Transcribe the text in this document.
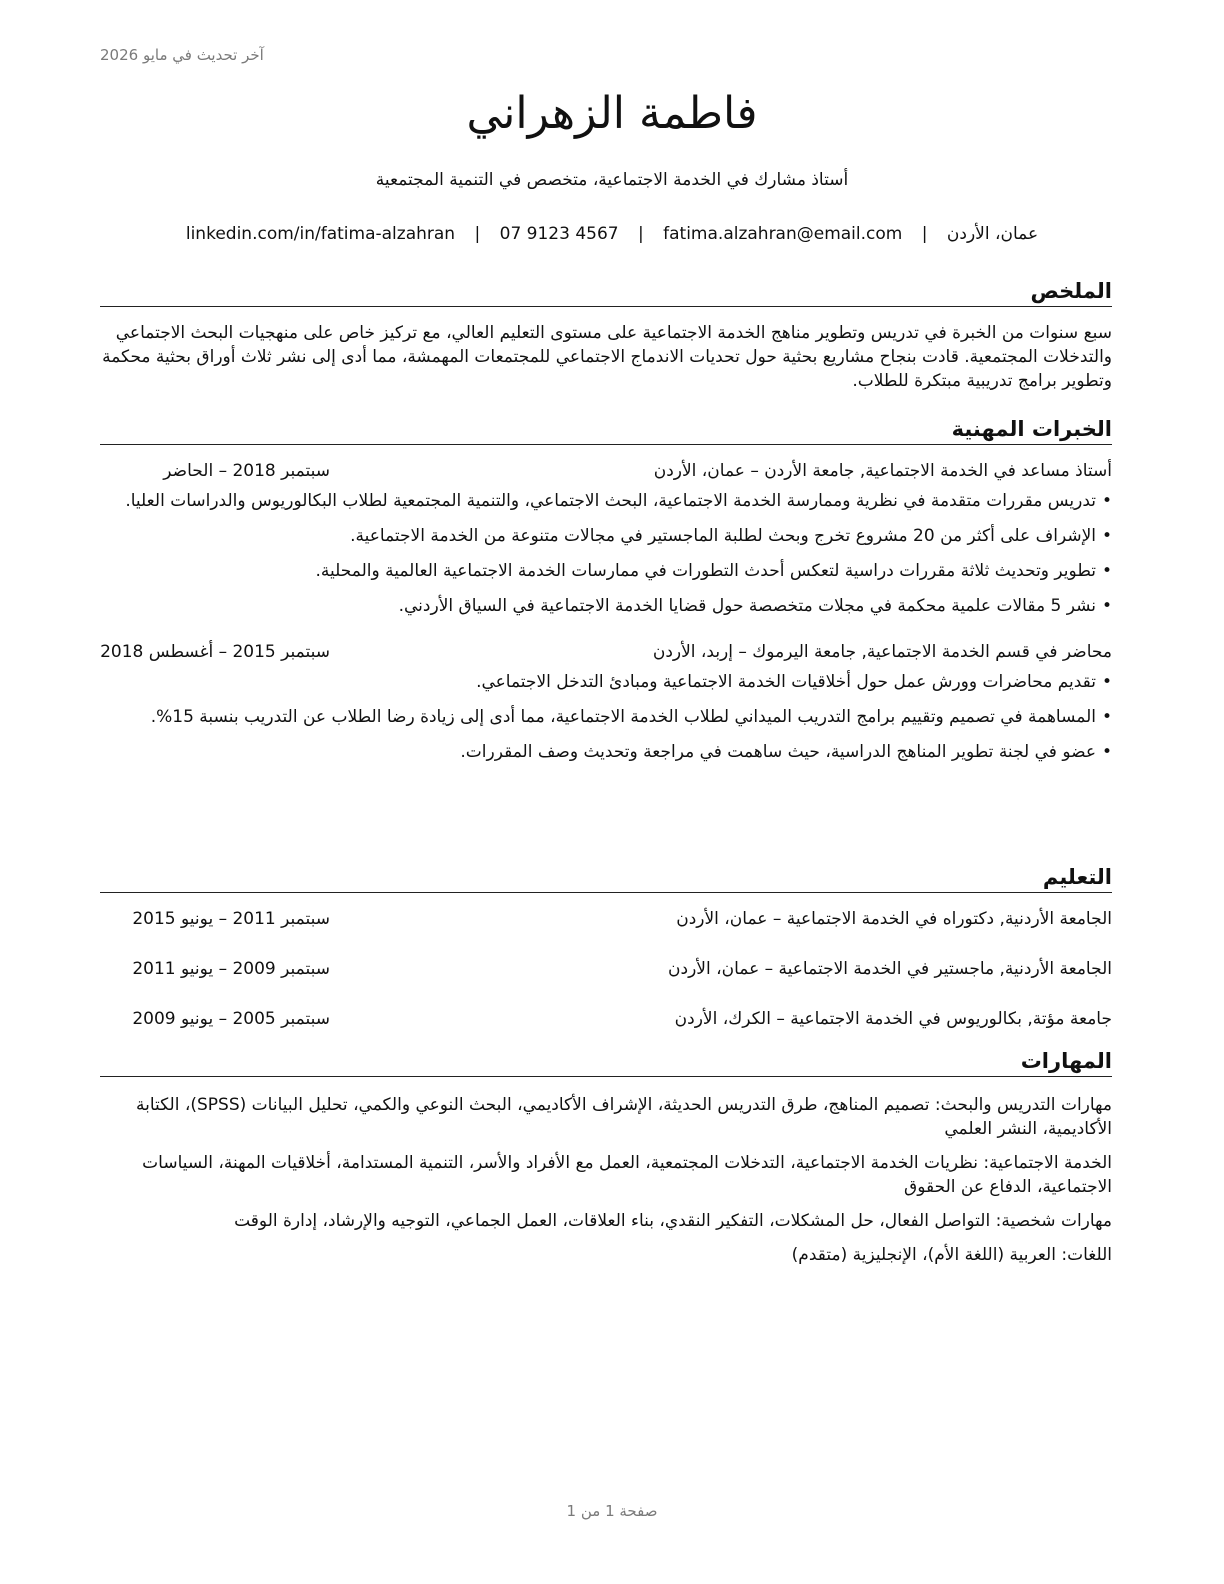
آخر تحديث في مايو 2026
فاطمة الزهراني
أستاذ مشارك في الخدمة الاجتماعية، متخصص في التنمية المجتمعية
عمان، الأردن | fatima.alzahran@email.com | 07 9123 4567 | linkedin.com/in/fatima-alzahran
الملخص

سبع سنوات من الخبرة في تدريس وتطوير مناهج الخدمة الاجتماعية على مستوى التعليم العالي، مع تركيز خاص على منهجيات البحث الاجتماعي والتدخلات المجتمعية. قادت بنجاح مشاريع بحثية حول تحديات الاندماج الاجتماعي للمجتمعات المهمشة، مما أدى إلى نشر ثلاث أوراق بحثية محكمة وتطوير برامج تدريبية مبتكرة للطلاب.

الخبرات المهنية
أستاذ مساعد في الخدمة الاجتماعية, جامعة الأردن – عمان، الأردن
سبتمبر 2018 – الحاضر
• تدريس مقررات متقدمة في نظرية وممارسة الخدمة الاجتماعية، البحث الاجتماعي، والتنمية المجتمعية لطلاب البكالوريوس والدراسات العليا.
• الإشراف على أكثر من 20 مشروع تخرج وبحث لطلبة الماجستير في مجالات متنوعة من الخدمة الاجتماعية.
• تطوير وتحديث ثلاثة مقررات دراسية لتعكس أحدث التطورات في ممارسات الخدمة الاجتماعية العالمية والمحلية.
• نشر 5 مقالات علمية محكمة في مجلات متخصصة حول قضايا الخدمة الاجتماعية في السياق الأردني.
محاضر في قسم الخدمة الاجتماعية, جامعة اليرموك – إربد، الأردن
سبتمبر 2015 – أغسطس 2018
• تقديم محاضرات وورش عمل حول أخلاقيات الخدمة الاجتماعية ومبادئ التدخل الاجتماعي.
• المساهمة في تصميم وتقييم برامج التدريب الميداني لطلاب الخدمة الاجتماعية، مما أدى إلى زيادة رضا الطلاب عن التدريب بنسبة 15%.
• عضو في لجنة تطوير المناهج الدراسية، حيث ساهمت في مراجعة وتحديث وصف المقررات.
التعليم
الجامعة الأردنية, دكتوراه في الخدمة الاجتماعية – عمان، الأردن
سبتمبر 2011 – يونيو 2015
الجامعة الأردنية, ماجستير في الخدمة الاجتماعية – عمان، الأردن
سبتمبر 2009 – يونيو 2011
جامعة مؤتة, بكالوريوس في الخدمة الاجتماعية – الكرك، الأردن
سبتمبر 2005 – يونيو 2009
المهارات

مهارات التدريس والبحث: تصميم المناهج، طرق التدريس الحديثة، الإشراف الأكاديمي، البحث النوعي والكمي، تحليل البيانات (SPSS)، الكتابة الأكاديمية، النشر العلمي

الخدمة الاجتماعية: نظريات الخدمة الاجتماعية، التدخلات المجتمعية، العمل مع الأفراد والأسر، التنمية المستدامة، أخلاقيات المهنة، السياسات الاجتماعية، الدفاع عن الحقوق

مهارات شخصية: التواصل الفعال، حل المشكلات، التفكير النقدي، بناء العلاقات، العمل الجماعي، التوجيه والإرشاد، إدارة الوقت

اللغات: العربية (اللغة الأم)، الإنجليزية (متقدم)

صفحة 1 من 1
